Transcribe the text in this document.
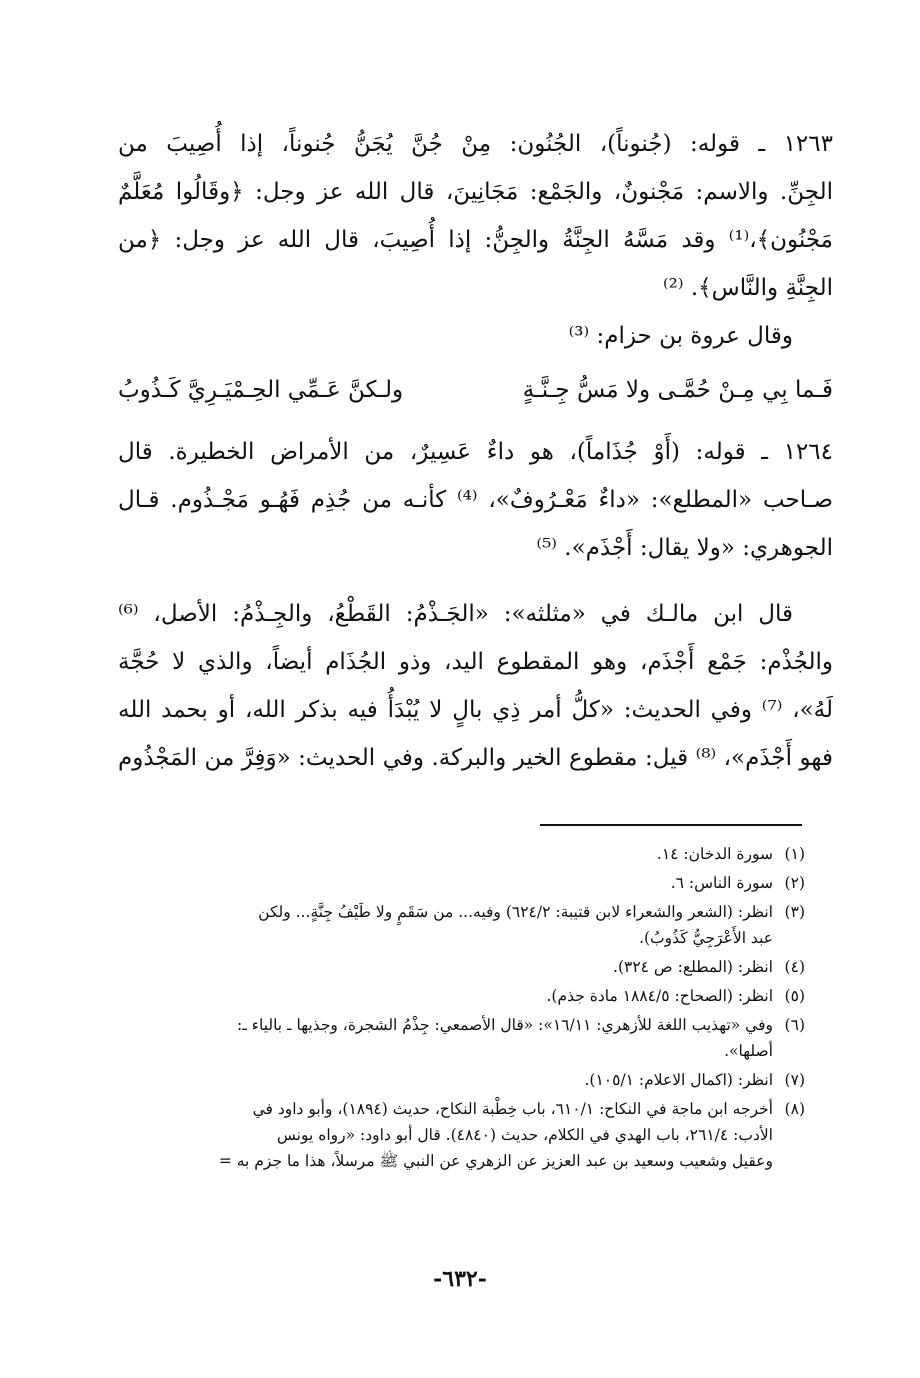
١٢٦٣ ـ قوله: (جُنوناً)، الجُنُون: مِنْ جُنَّ يُجَنُّ جُنوناً، إذا أُصِيبَ من
الجِنِّ. والاسم: مَجْنونٌ، والجَمْع: مَجَانِينَ، قال الله عز وجل: ﴿وقَالُوا مُعَلَّمٌ
مَجْنُون﴾،⁽¹⁾ وقد مَسَّهُ الجِنَّةُ والجِنُّ: إذا أُصِيبَ، قال الله عز وجل: ﴿من
الجِنَّةِ والنَّاس﴾. ⁽²⁾
وقال عروة بن حزام: ⁽³⁾
فَـما بِي مِـنْ حُمَّـى ولا مَسُّ جِـنَّـةٍ
ولـكنَّ عَـمِّي الحِـمْيَـرِيَّ كَـذُوبُ
١٢٦٤ ـ قوله: (أَوْ جُذَاماً)، هو داءٌ عَسِيرٌ، من الأمراض الخطيرة. قال
صـاحب «المطلع»: «داءٌ مَعْـرُوفٌ»، ⁽⁴⁾ كأنـه من جُذِم فَهُـو مَجْـذُوم. قـال
الجوهري: «ولا يقال: أَجْذَم». ⁽⁵⁾
قال ابن مالـك في «مثلثه»: «الجَـذْمُ: القَطْعُ، والجِـذْمُ: الأصل، ⁽⁶⁾
والجُذْم: جَمْع أَجْذَم، وهو المقطوع اليد، وذو الجُذَام أيضاً، والذي لا حُجَّة
لَهُ»، ⁽⁷⁾ وفي الحديث: «كلُّ أمر ذِي بالٍ لا يُبْدَأُ فيه بذكر الله، أو بحمد الله
فهو أَجْذَم»، ⁽⁸⁾ قيل: مقطوع الخير والبركة. وفي الحديث: «وَفِرَّ من المَجْذُوم
(١)
سورة الدخان: ١٤.
(٢)
سورة الناس: ٦.
(٣)
انظر: (الشعر والشعراء لابن قتيبة: ٦٢٤/٢) وفيه... من سَقَمٍ ولا طَيْفُ جِنَّةٍ... ولكن
عبد الأَعْرَجِيُّ كَذُوبُ).
(٤)
انظر: (المطلع: ص ٣٢٤).
(٥)
انظر: (الصحاح: ١٨٨٤/٥ مادة جذم).
(٦)
وفي «تهذيب اللغة للأزهري: ١٦/١١»: «قال الأصمعي: جِذْمُ الشجرة، وجذيها ـ بالياء ـ:
أصلها».
(٧)
انظر: (اكمال الاعلام: ١٠٥/١).
(٨)
أخرجه ابن ماجة في النكاح: ٦١٠/١، باب خِطْبة النكاح، حديث (١٨٩٤)، وأبو داود في
الأدب: ٢٦١/٤، باب الهدي في الكلام، حديث (٤٨٤٠). قال أبو داود: «رواه يونس
وعقيل وشعيب وسعيد بن عبد العزيز عن الزهري عن النبي ﷺ مرسلاً، هذا ما جزم به =
-٦٣٢-
